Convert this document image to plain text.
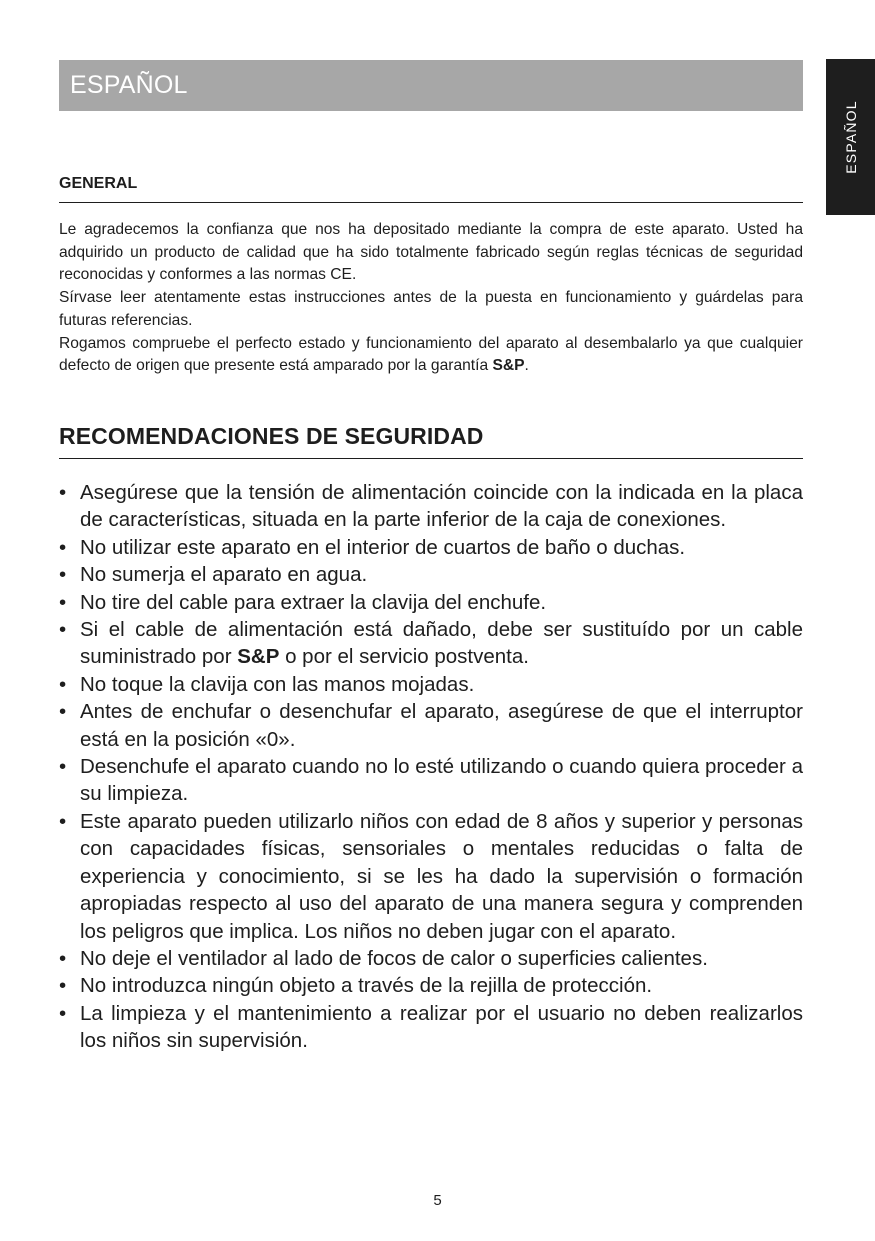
ESPAÑOL
ESPAÑOL
GENERAL

Le agradecemos la confianza que nos ha depositado mediante la compra de este aparato. Usted ha adquirido un producto de calidad que ha sido totalmente fabricado según reglas técnicas de seguridad reconocidas y conformes a las normas CE.

Sírvase leer atentamente estas instrucciones antes de la puesta en funcionamiento y guárdelas para futuras referencias.

Rogamos compruebe el perfecto estado y funcionamiento del aparato al desembalarlo ya que cualquier defecto de origen que presente está amparado por la garantía S&P.

RECOMENDACIONES DE SEGURIDAD
• Asegúrese que la tensión de alimentación coincide con la indicada en la placa de características, situada en la parte inferior de la caja de conexiones.
• No utilizar este aparato en el interior de cuartos de baño o duchas.
• No sumerja el aparato en agua.
• No tire del cable para extraer la clavija del enchufe.
• Si el cable de alimentación está dañado, debe ser sustituído por un cable suministrado por S&P o por el servicio postventa.
• No toque la clavija con las manos mojadas.
• Antes de enchufar o desenchufar el aparato, asegúrese de que el interruptor está en la posición «0».
• Desenchufe el aparato cuando no lo esté utilizando o cuando quiera proceder a su limpieza.
• Este aparato pueden utilizarlo niños con edad de 8 años y superior y personas con capacidades físicas, sensoriales o mentales reducidas o falta de experiencia y conocimiento, si se les ha dado la supervisión o formación apropiadas respecto al uso del aparato de una manera segura y comprenden los peligros que implica. Los niños no deben jugar con el aparato.
• No deje el ventilador al lado de focos de calor o superficies calientes.
• No introduzca ningún objeto a través de la rejilla de protección.
• La limpieza y el mantenimiento a realizar por el usuario no deben realizarlos los niños sin supervisión.
5
